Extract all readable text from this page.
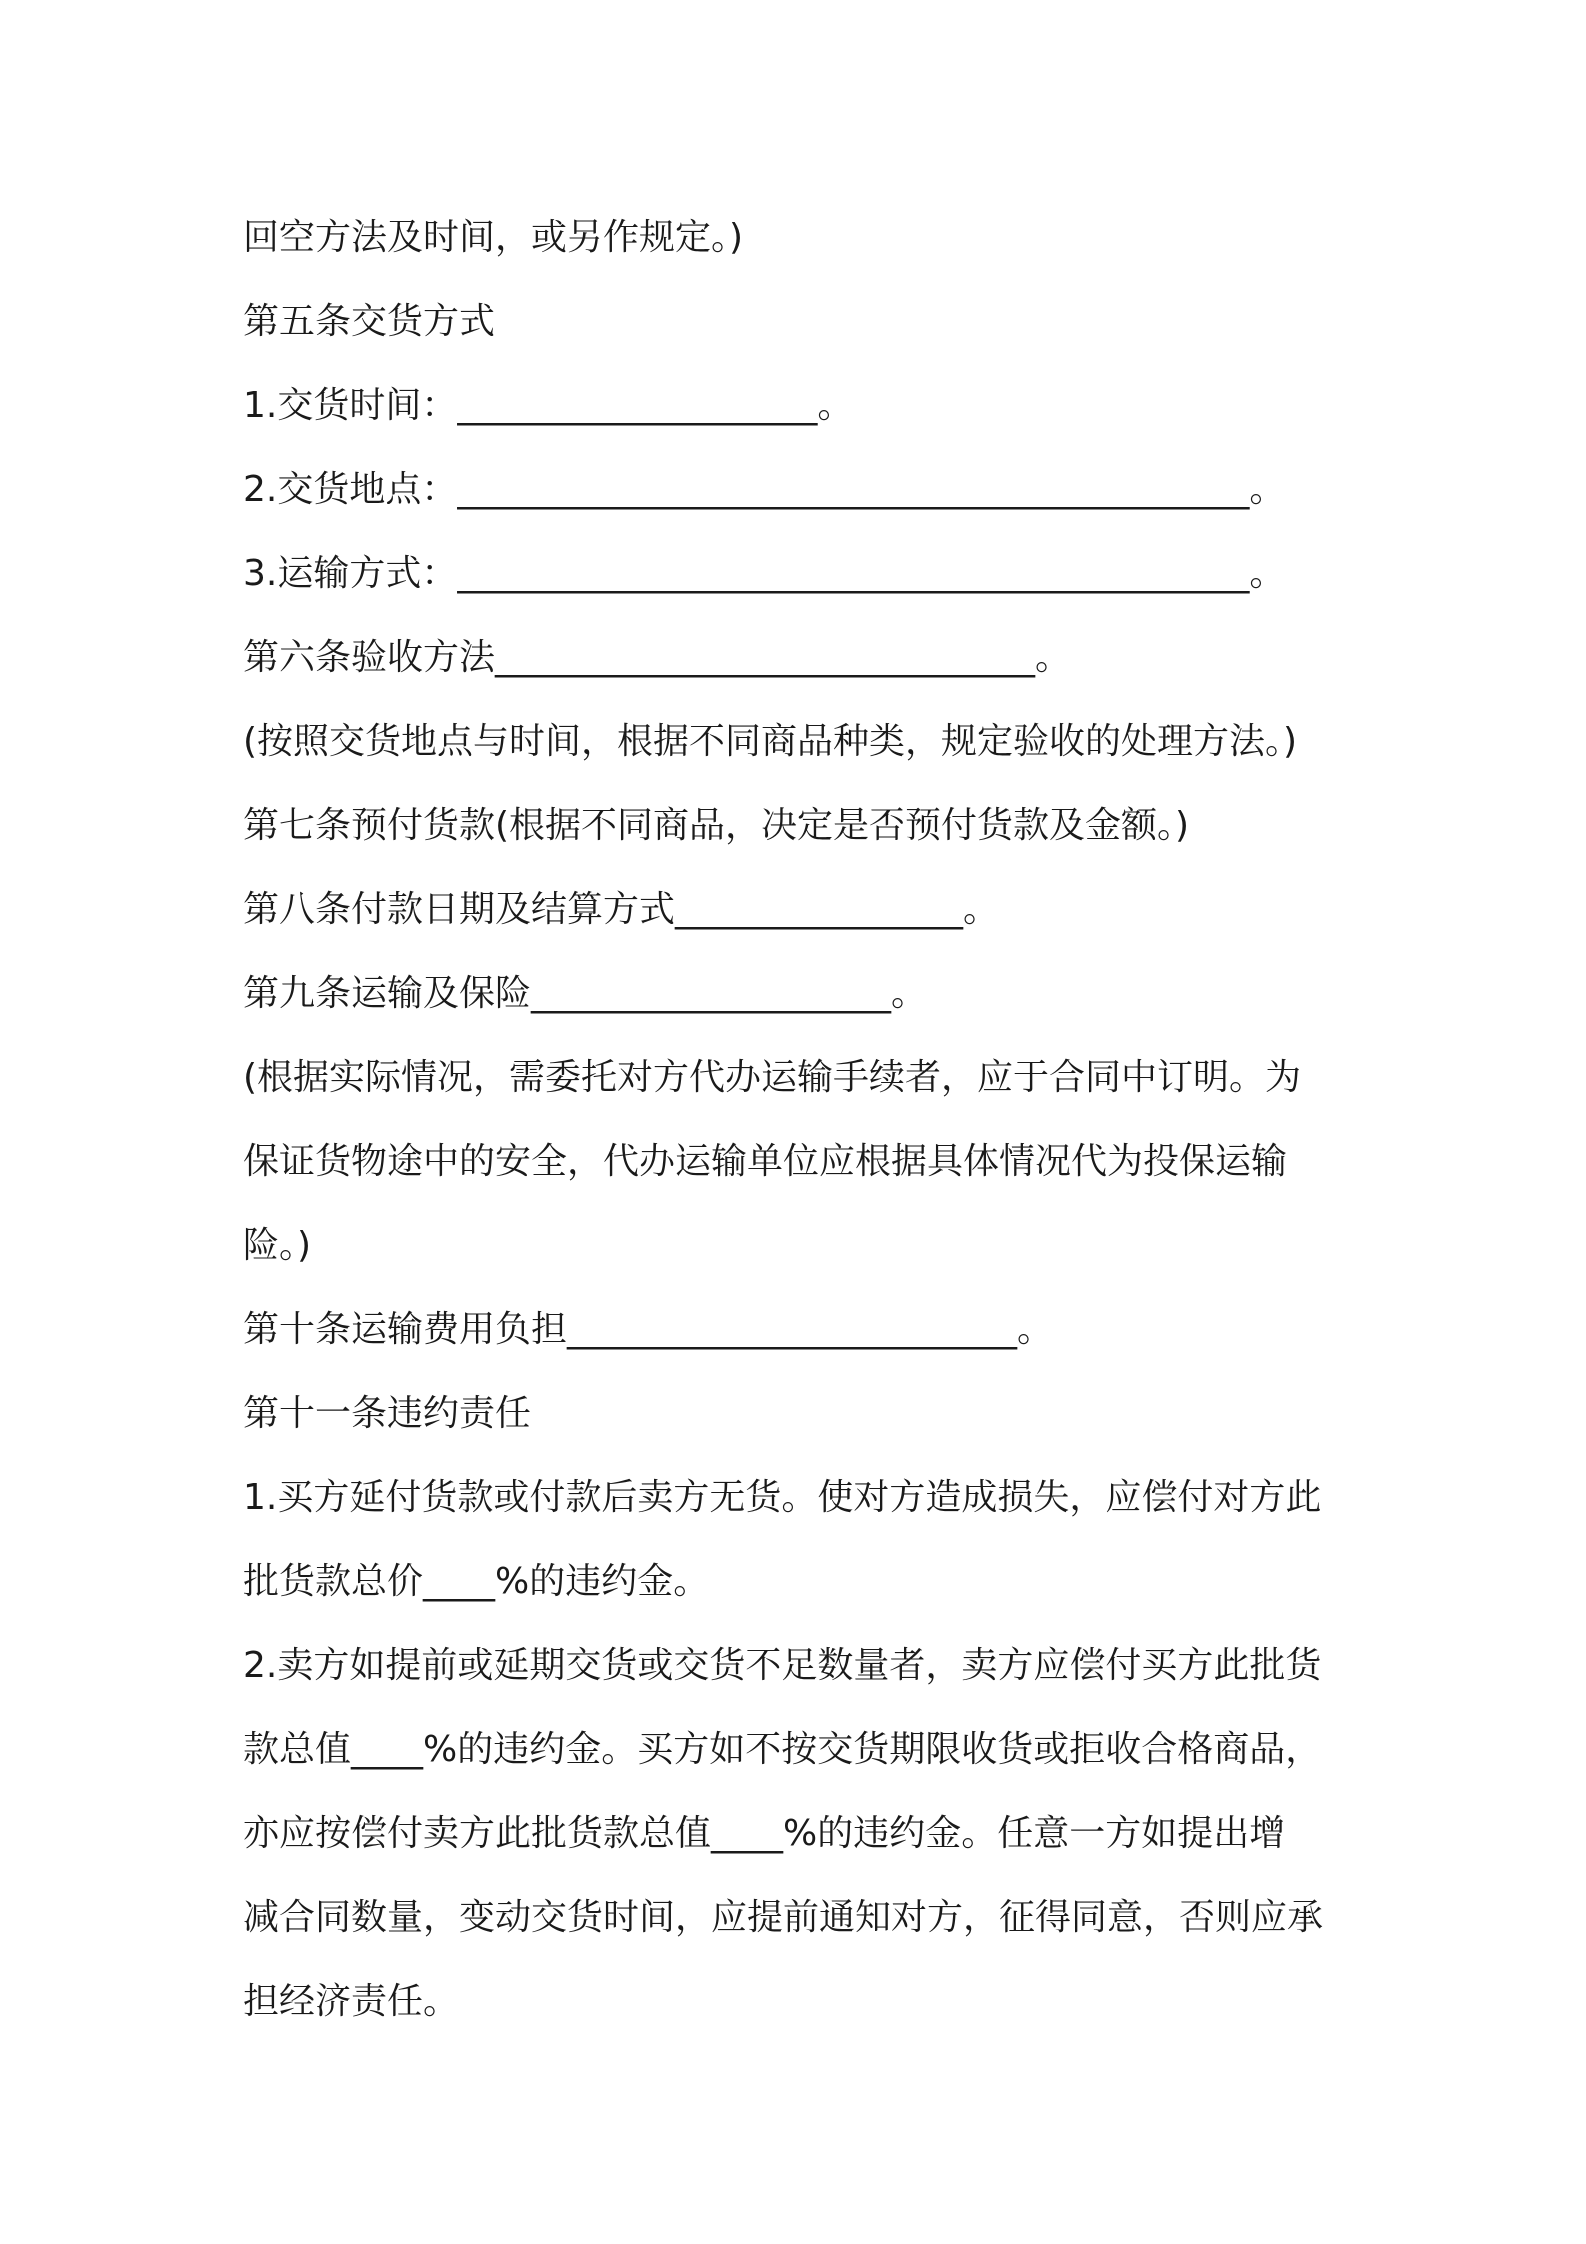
回空方法及时间，或另作规定。)
第五条交货方式
1.交货时间：____________________。
2.交货地点：____________________________________________。
3.运输方式：____________________________________________。
第六条验收方法______________________________。
(按照交货地点与时间，根据不同商品种类，规定验收的处理方法。)
第七条预付货款(根据不同商品，决定是否预付货款及金额。)
第八条付款日期及结算方式________________。
第九条运输及保险____________________。
(根据实际情况，需委托对方代办运输手续者，应于合同中订明。为
保证货物途中的安全，代办运输单位应根据具体情况代为投保运输
险。)
第十条运输费用负担_________________________。
第十一条违约责任
1.买方延付货款或付款后卖方无货。使对方造成损失，应偿付对方此
批货款总价____%的违约金。
2.卖方如提前或延期交货或交货不足数量者，卖方应偿付买方此批货
款总值____%的违约金。买方如不按交货期限收货或拒收合格商品，
亦应按偿付卖方此批货款总值____%的违约金。任意一方如提出增
减合同数量，变动交货时间，应提前通知对方，征得同意，否则应承
担经济责任。
